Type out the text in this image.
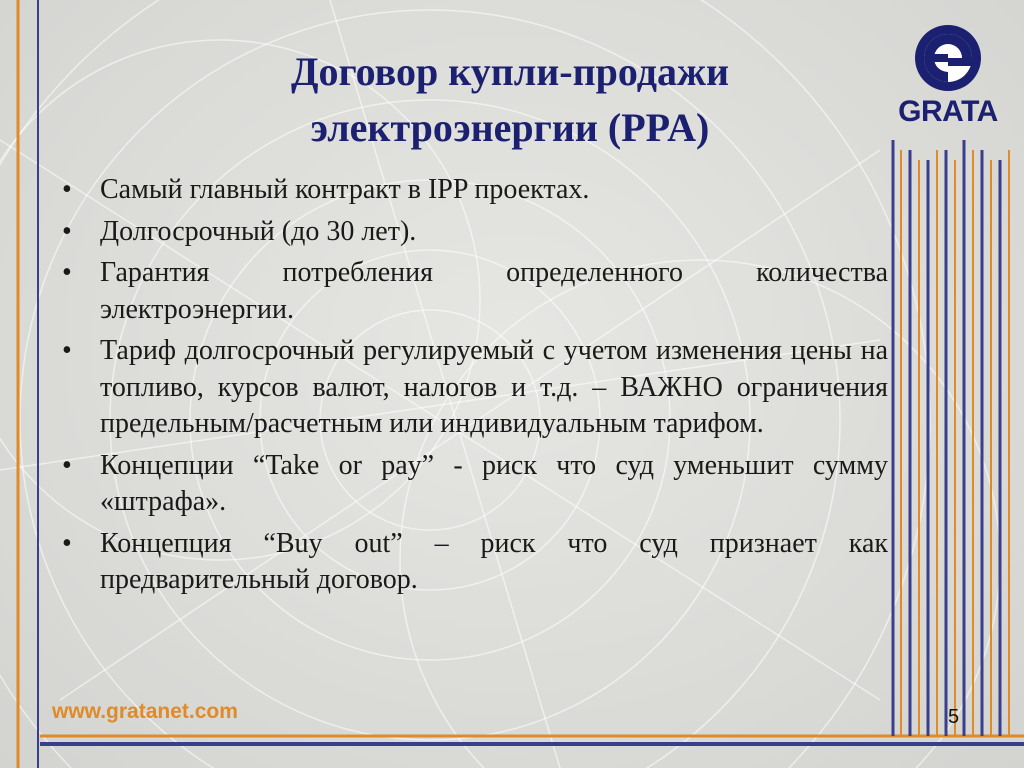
Договор купли-продажи
электроэнергии (PPA)	GRATA
• Самый главный контракт в IPP проектах.
• Долгосрочный (до 30 лет).
• Гарантия потребления определенного количества электроэнергии.
• Тариф долгосрочный регулируемый с учетом изменения цены на топливо, курсов валют, налогов и т.д. – ВАЖНО ограничения предельным/расчетным или индивидуальным тарифом.
• Концепции “Take or pay” - риск что суд уменьшит сумму «штрафа».
• Концепция “Buy out” – риск что суд признает как предварительный договор.
www.gratanet.com	5
